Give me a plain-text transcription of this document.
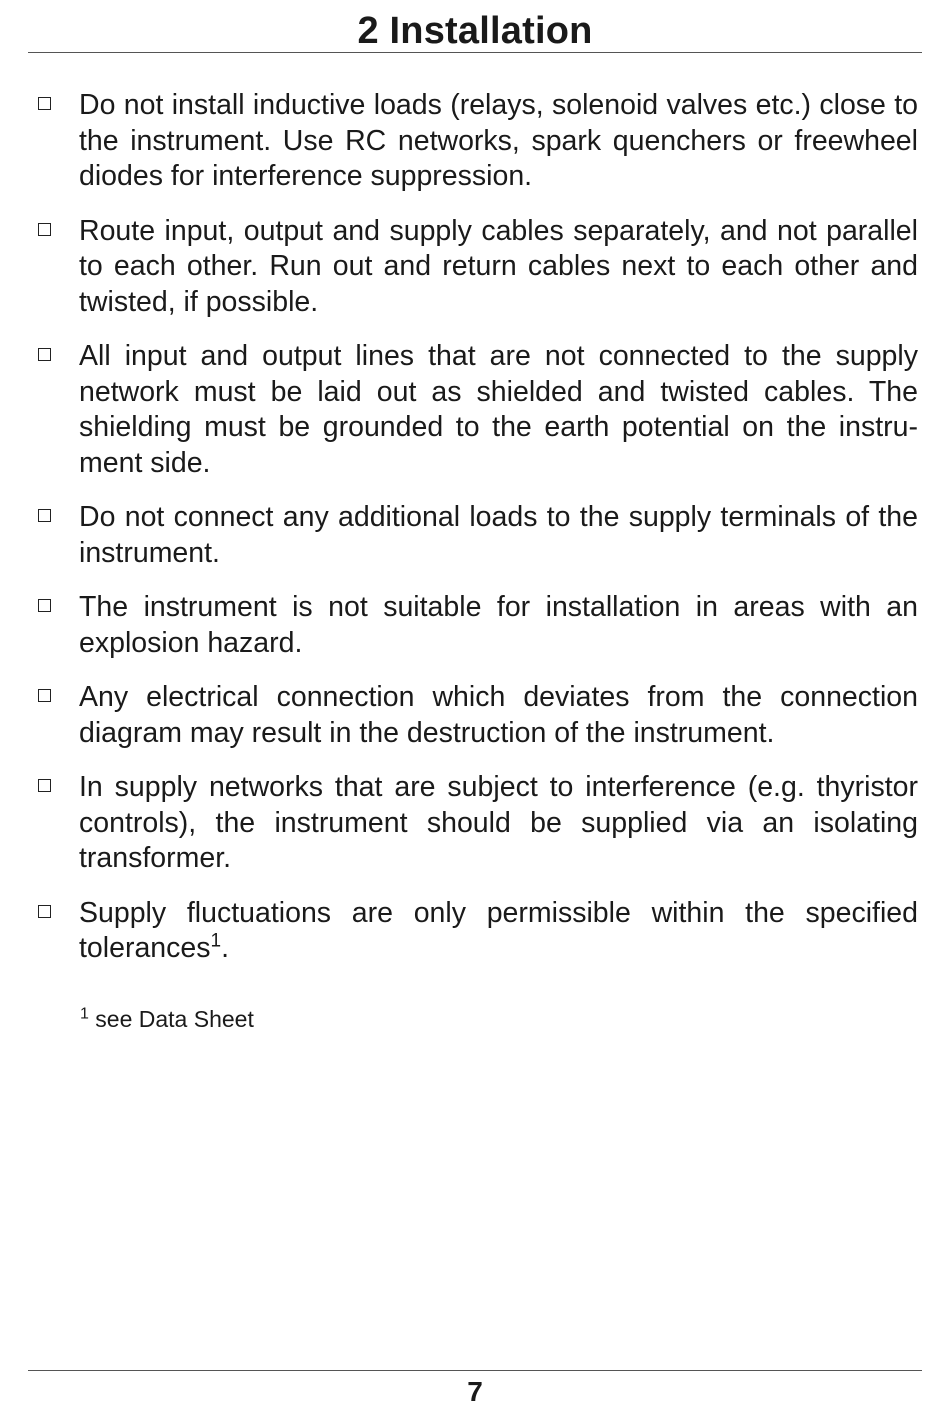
2 Installation
Do not install inductive loads (relays, solenoid valves etc.) close to the instrument. Use RC networks, spark quenchers or freewheel diodes for interference suppression.
Route input, output and supply cables separately, and not parallel to each other. Run out and return cables next to each other and twisted, if possible.
All input and output lines that are not connected to the supply network must be laid out as shielded and twisted cables. The shielding must be grounded to the earth potential on the instrument side.
Do not connect any additional loads to the supply terminals of the instrument.
The instrument is not suitable for installation in areas with an explosion hazard.
Any electrical connection which deviates from the connection diagram may result in the destruction of the instrument.
In supply networks that are subject to interference (e.g. thyristor controls), the instrument should be supplied via an isolating transformer.
Supply fluctuations are only permissible within the specified tolerances$^1$.
$^1$ see Data Sheet
7
